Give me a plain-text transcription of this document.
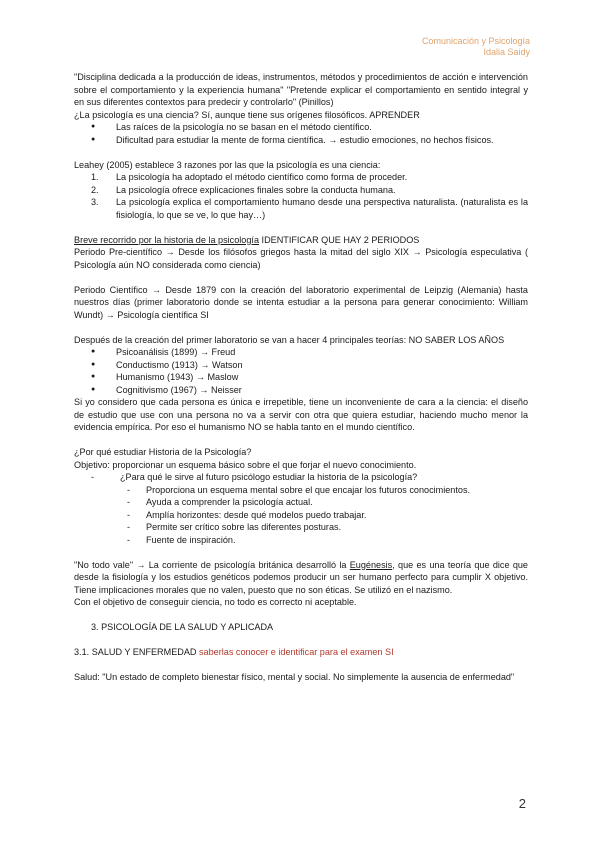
Comunicación y Psicología
Idalia Saidy

"Disciplina dedicada a la producción de ideas, instrumentos, métodos y procedimientos de acción e intervención sobre el comportamiento y la experiencia humana" "Pretende explicar el comportamiento en sentido integral y en sus diferentes contextos para predecir y controlarlo" (Pinillos)

¿La psicología es una ciencia? Sí, aunque tiene sus orígenes filosóficos. APRENDER

● Las raíces de la psicología no se basan en el método científico.
● Dificultad para estudiar la mente de forma científica. → estudio emociones, no hechos físicos.

Leahey (2005) establece 3 razones por las que la psicología es una ciencia:

1. La psicología ha adoptado el método científico como forma de proceder.
2. La psicología ofrece explicaciones finales sobre la conducta humana.
3. La psicología explica el comportamiento humano desde una perspectiva naturalista. (naturalista es la fisiología, lo que se ve, lo que hay…)

Breve recorrido por la historia de la psicología IDENTIFICAR QUE HAY 2 PERIODOS

Periodo Pre-científico → Desde los filósofos griegos hasta la mitad del siglo XIX → Psicología especulativa ( Psicología aún NO considerada como ciencia)

Periodo Científico → Desde 1879 con la creación del laboratorio experimental de Leipzig (Alemania) hasta nuestros días (primer laboratorio donde se intenta estudiar a la persona para generar conocimiento: William Wundt) → Psicología científica SI

Después de la creación del primer laboratorio se van a hacer 4 principales teorías: NO SABER LOS AÑOS

● Psicoanálisis (1899) → Freud
● Conductismo (1913) → Watson
● Humanismo (1943) → Maslow
● Cognitivismo (1967) → Neisser

Si yo considero que cada persona es única e irrepetible, tiene un inconveniente de cara a la ciencia: el diseño de estudio que use con una persona no va a servir con otra que quiera estudiar, haciendo mucho menor la evidencia empírica. Por eso el humanismo NO se habla tanto en el mundo científico.

¿Por qué estudiar Historia de la Psicología?

Objetivo: proporcionar un esquema básico sobre el que forjar el nuevo conocimiento.

-	¿Para qué le sirve al futuro psicólogo estudiar la historia de la psicología?
- Proporciona un esquema mental sobre el que encajar los futuros conocimientos.
- Ayuda a comprender la psicología actual.
- Amplía horizontes: desde qué modelos puedo trabajar.
- Permite ser crítico sobre las diferentes posturas.
- Fuente de inspiración.

"No todo vale" → La corriente de psicología británica desarrolló la Eugénesis, que es una teoría que dice que desde la fisiología y los estudios genéticos podemos producir un ser humano perfecto para cumplir X objetivo. Tiene implicaciones morales que no valen, puesto que no son éticas. Se utilizó en el nazismo.

Con el objetivo de conseguir ciencia, no todo es correcto ni aceptable.

3. PSICOLOGÍA DE LA SALUD Y APLICADA

3.1. SALUD Y ENFERMEDAD saberlas conocer e identificar para el examen SI

Salud: "Un estado de completo bienestar físico, mental y social. No simplemente la ausencia de enfermedad"

2
